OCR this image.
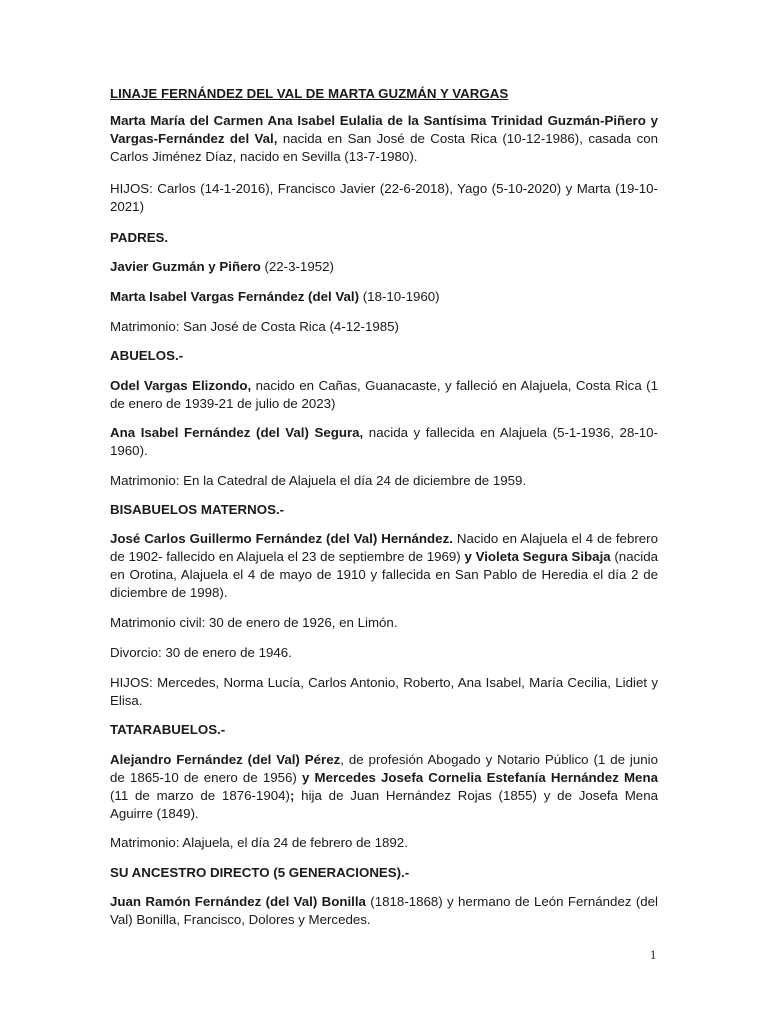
LINAJE FERNÁNDEZ DEL VAL DE MARTA GUZMÁN Y VARGAS

Marta María del Carmen Ana Isabel Eulalia de la Santísima Trinidad Guzmán-Piñero y Vargas-Fernández del Val, nacida en San José de Costa Rica (10-12-1986), casada con Carlos Jiménez Díaz, nacido en Sevilla (13-7-1980).

HIJOS: Carlos (14-1-2016), Francisco Javier (22-6-2018), Yago (5-10-2020) y Marta (19-10-2021)

PADRES.

Javier Guzmán y Piñero (22-3-1952)

Marta Isabel Vargas Fernández (del Val) (18-10-1960)

Matrimonio: San José de Costa Rica (4-12-1985)

ABUELOS.-

Odel Vargas Elizondo, nacido en Cañas, Guanacaste, y falleció en Alajuela, Costa Rica (1 de enero de 1939-21 de julio de 2023)

Ana Isabel Fernández (del Val) Segura, nacida y fallecida en Alajuela (5-1-1936, 28-10-1960).

Matrimonio: En la Catedral de Alajuela el día 24 de diciembre de 1959.

BISABUELOS MATERNOS.-

José Carlos Guillermo Fernández (del Val) Hernández. Nacido en Alajuela el 4 de febrero de 1902- fallecido en Alajuela el 23 de septiembre de 1969) y Violeta Segura Sibaja (nacida en Orotina, Alajuela el 4 de mayo de 1910 y fallecida en San Pablo de Heredia el día 2 de diciembre de 1998).

Matrimonio civil: 30 de enero de 1926, en Limón.

Divorcio: 30 de enero de 1946.

HIJOS: Mercedes, Norma Lucía, Carlos Antonio, Roberto, Ana Isabel, María Cecilia, Lidiet y Elisa.

TATARABUELOS.-

Alejandro Fernández (del Val) Pérez, de profesión Abogado y Notario Público (1 de junio de 1865-10 de enero de 1956) y Mercedes Josefa Cornelia Estefanía Hernández Mena (11 de marzo de 1876-1904); hija de Juan Hernández Rojas (1855) y de Josefa Mena Aguirre (1849).

Matrimonio: Alajuela, el día 24 de febrero de 1892.

SU ANCESTRO DIRECTO (5 GENERACIONES).-

Juan Ramón Fernández (del Val) Bonilla (1818-1868) y hermano de León Fernández (del Val) Bonilla, Francisco, Dolores y Mercedes.

1
